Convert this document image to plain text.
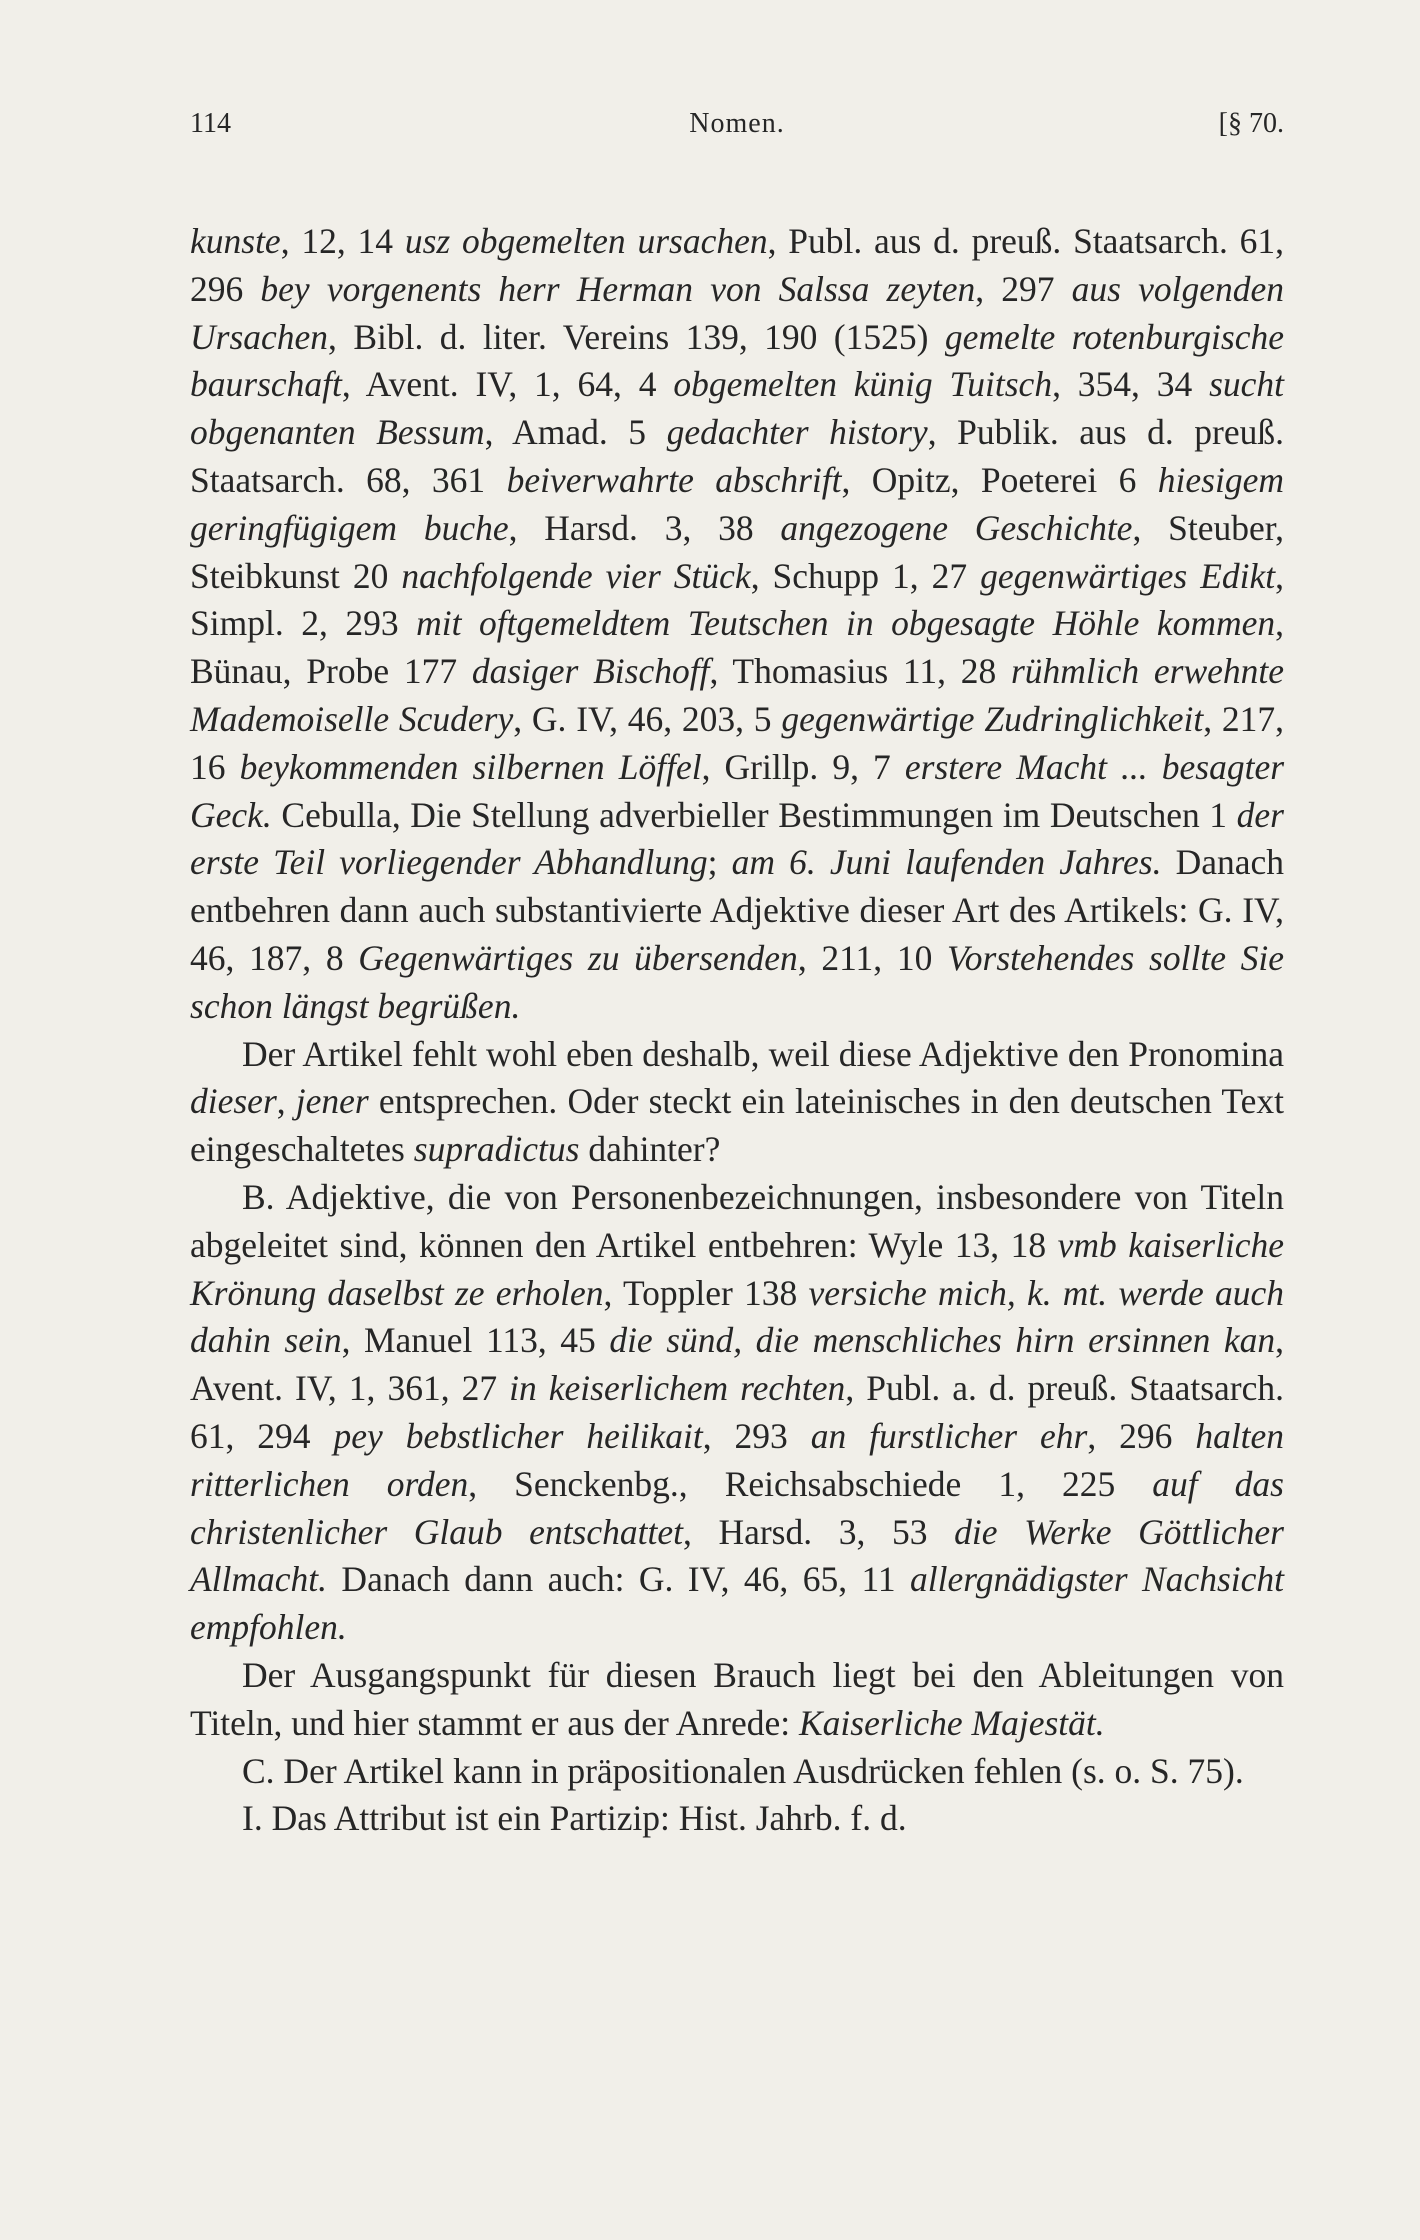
114	Nomen.	[§ 70.

kunste, 12, 14 usz obgemelten ursachen, Publ. aus d. preuß. Staatsarch. 61, 296 bey vorgenents herr Herman von Salssa zeyten, 297 aus volgenden Ursachen, Bibl. d. liter. Vereins 139, 190 (1525) gemelte rotenburgische baurschaft, Avent. IV, 1, 64, 4 obgemelten künig Tuitsch, 354, 34 sucht obgenanten Bessum, Amad. 5 gedachter history, Publik. aus d. preuß. Staatsarch. 68, 361 beiverwahrte abschrift, Opitz, Poeterei 6 hiesigem geringfügigem buche, Harsd. 3, 38 angezogene Geschichte, Steuber, Steibkunst 20 nachfolgende vier Stück, Schupp 1, 27 gegenwärtiges Edikt, Simpl. 2, 293 mit oftgemeldtem Teutschen in obgesagte Höhle kommen, Bünau, Probe 177 dasiger Bischoff, Thomasius 11, 28 rühmlich erwehnte Mademoiselle Scudery, G. IV, 46, 203, 5 gegenwärtige Zudringlichkeit, 217, 16 beykommenden silbernen Löffel, Grillp. 9, 7 erstere Macht ... besagter Geck. Cebulla, Die Stellung adverbieller Bestimmungen im Deutschen 1 der erste Teil vorliegender Abhandlung; am 6. Juni laufenden Jahres. Danach entbehren dann auch substantivierte Adjektive dieser Art des Artikels: G. IV, 46, 187, 8 Gegenwärtiges zu übersenden, 211, 10 Vorstehendes sollte Sie schon längst begrüßen.

Der Artikel fehlt wohl eben deshalb, weil diese Adjektive den Pronomina dieser, jener entsprechen. Oder steckt ein lateinisches in den deutschen Text eingeschaltetes supradictus dahinter?

B. Adjektive, die von Personenbezeichnungen, insbesondere von Titeln abgeleitet sind, können den Artikel entbehren: Wyle 13, 18 vmb kaiserliche Krönung daselbst ze erholen, Toppler 138 versiche mich, k. mt. werde auch dahin sein, Manuel 113, 45 die sünd, die menschliches hirn ersinnen kan, Avent. IV, 1, 361, 27 in keiserlichem rechten, Publ. a. d. preuß. Staatsarch. 61, 294 pey bebstlicher heilikait, 293 an furstlicher ehr, 296 halten ritterlichen orden, Senckenbg., Reichsabschiede 1, 225 auf das christenlicher Glaub entschattet, Harsd. 3, 53 die Werke Göttlicher Allmacht. Danach dann auch: G. IV, 46, 65, 11 allergnädigster Nachsicht empfohlen.

Der Ausgangspunkt für diesen Brauch liegt bei den Ableitungen von Titeln, und hier stammt er aus der Anrede: Kaiserliche Majestät.

C. Der Artikel kann in präpositionalen Ausdrücken fehlen (s. o. S. 75).

I. Das Attribut ist ein Partizip: Hist. Jahrb. f. d.
